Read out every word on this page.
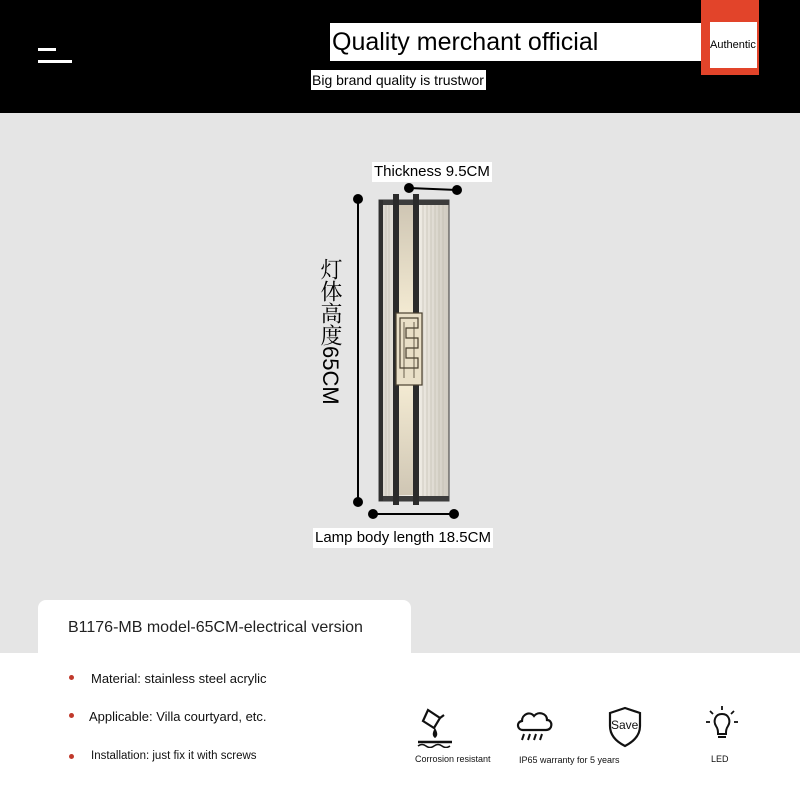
Quality merchant official
Big brand quality is trustwor
Authentic
Thickness 9.5CM
灯体高度65CM
Lamp body length 18.5CM
B1176-MB model-65CM-electrical version
Material: stainless steel acrylic
Applicable: Villa courtyard, etc.
Installation: just fix it with screws	Corrosion resistant	IP65 warranty for 5 years
Save
LED
